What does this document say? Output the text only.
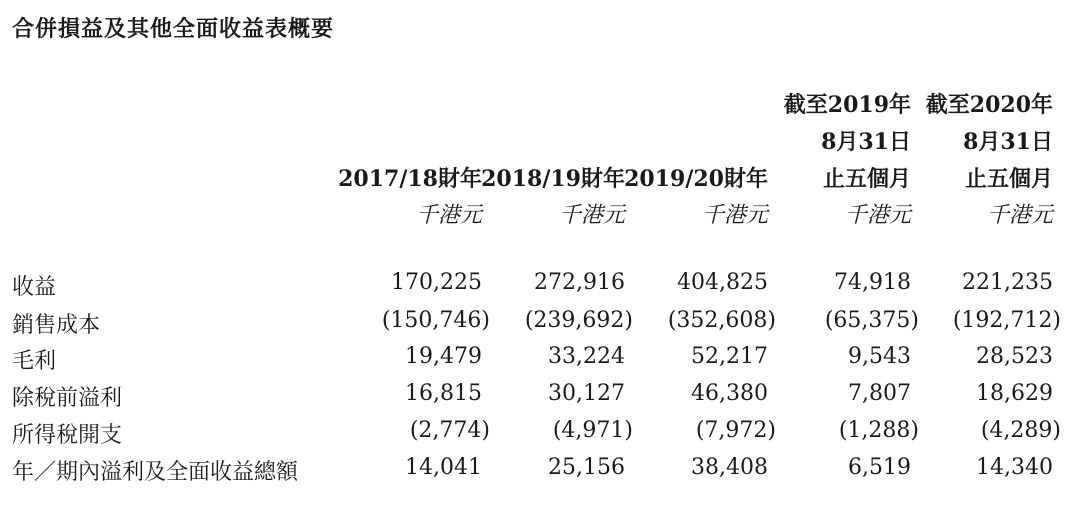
合併損益及其他全面收益表概要
2017/18財年 2018/19財年 2019/20財年
截至2019年
8月31日
止五個月
截至2020年
8月31日
止五個月
千港元	千港元	千港元	千港元	千港元
收益	170,225 272,916 404,825	74,918 221,235
銷售成本	(150,746) (239,692) (352,608) (65,375) (192,712)
毛利	19,479	33,224	52,217	9,543	28,523
除稅前溢利	16,815	30,127	46,380	7,807	18,629
所得稅開支	(2,774)	(4,971)	(7,972)	(1,288)	(4,289)
年／期內溢利及全面收益總額	14,041	25,156	38,408	6,519	14,340
